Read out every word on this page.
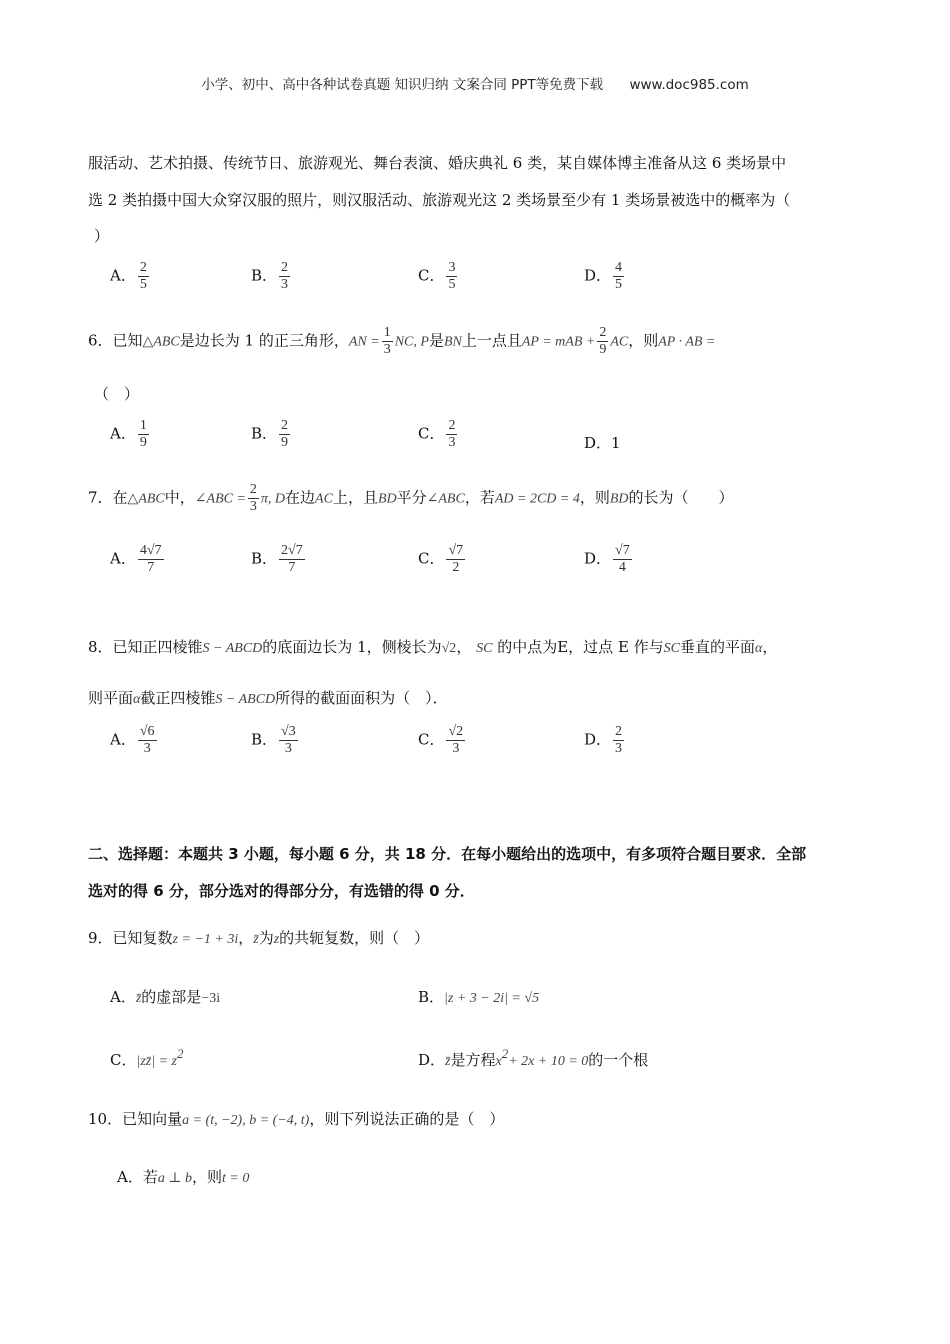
小学、初中、高中各种试卷真题 知识归纳 文案合同 PPT等免费下载 www.doc985.com
服活动、艺术拍摄、传统节日、旅游观光、舞台表演、婚庆典礼 6 类，某自媒体博主准备从这 6 类场景中
选 2 类拍摄中国大众穿汉服的照片，则汉服活动、旅游观光这 2 类场景至少有 1 类场景被选中的概率为（
）
A． $\frac{2}{5}$	B． $\frac{2}{3}$	C． $\frac{3}{5}$	D． $\frac{4}{5}$
6．已知△ABC是边长为 1 的正三角形，AN = $\frac{1}{3}$ NC, P是BN上一点且AP = mAB + $\frac{2}{9}$ AC，则AP · AB =
（　）
A． $\frac{1}{9}$	B． $\frac{2}{9}$	C． $\frac{2}{3}$	D．1
7．在△ABC中，∠ABC = $\frac{2}{3} \pi$, D在边AC上，且BD平分∠ABC，若AD = 2CD = 4，则BD的长为（　　）
A． $\frac{4√7}{7}$	B． $\frac{2√7}{7}$	C． $\frac{√7}{2}$	D． $\frac{√7}{4}$
8．已知正四棱锥S − ABCD的底面边长为 1，侧棱长为√2， SC 的中点为E，过点 E 作与SC垂直的平面α，
则平面α截正四棱锥S − ABCD所得的截面面积为（　）．
A． $\frac{√6}{3}$	B． $\frac{√3}{3}$	C． $\frac{√2}{3}$	D． $\frac{2}{3}$
二、选择题：本题共 3 小题，每小题 6 分，共 18 分．在每小题给出的选项中，有多项符合题目要求．全部
选对的得 6 分，部分选对的得部分分，有选错的得 0 分．
9．已知复数z = −1 + 3i，z̄为z的共轭复数，则（　）
A．z̄的虚部是−3i	B．|z + 3 − 2i| = √5
C．|zz̄| = z2	D．z̄是方程x2+ 2x + 10 = 0的一个根
10．已知向量a = (t, −2), b = (−4, t)，则下列说法正确的是（　）
A．若a ⊥ b，则t = 0
